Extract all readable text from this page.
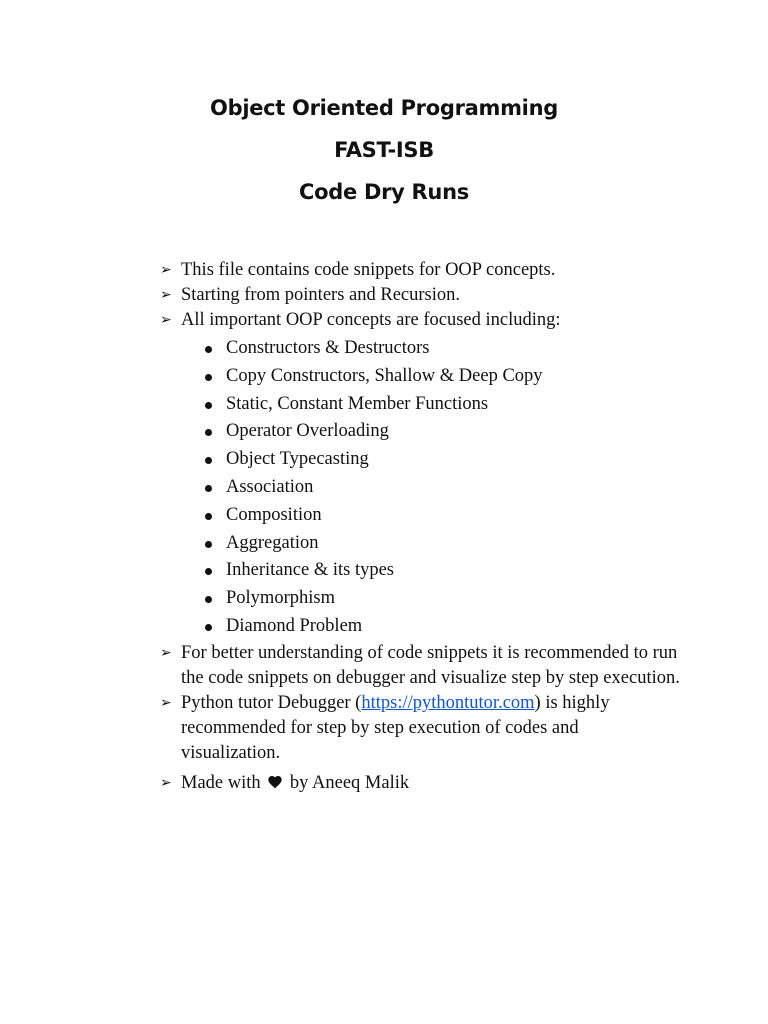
Object Oriented Programming
FAST-ISB
Code Dry Runs
➢ This file contains code snippets for OOP concepts.
➢ Starting from pointers and Recursion.
➢ All important OOP concepts are focused including:
Constructors & Destructors
Copy Constructors, Shallow & Deep Copy
Static, Constant Member Functions
Operator Overloading
Object Typecasting
Association
Composition
Aggregation
Inheritance & its types
Polymorphism
Diamond Problem
➢ For better understanding of code snippets it is recommended to run the code snippets on debugger and visualize step by step execution.
➢ Python tutor Debugger (https://pythontutor.com) is highly recommended for step by step execution of codes and visualization.
➢ Made with by Aneeq Malik
